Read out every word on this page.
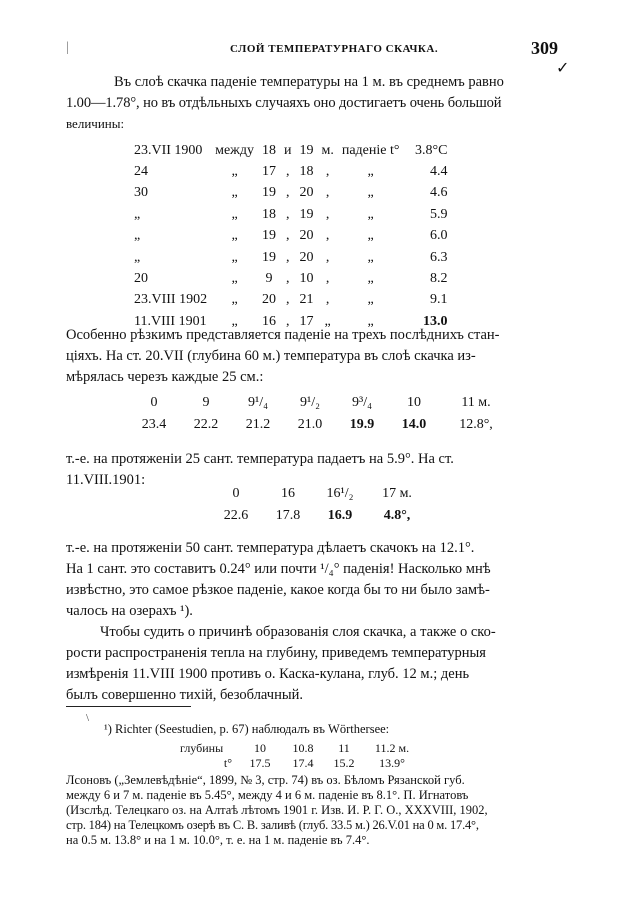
|	СЛОЙ ТЕМПЕРАТУРНАГО СКАЧКА.	309
✓
Въ слоѣ скачка паденіе температуры на 1 м. въ среднемъ равно
1.00—1.78°, но въ отдѣльныхъ случаяхъ оно достигаетъ очень большой
величины:
23.VII 1900	между	18	и	19	м.	паденіе t°	3.8°C
24	„	17	,	18	,	„	4.4
30	„	19	,	20	,	„	4.6
„	„	18	,	19	,	„	5.9
„	„	19	,	20	,	„	6.0
„	„	19	,	20	,	„	6.3
20	„	9	,	10	,	„	8.2
23.VIII 1902	„	20	,	21	,	„	9.1
11.VIII 1901	„	16	,	17	„	„	13.0
Особенно рѣзкимъ представляется паденіе на трехъ послѣднихъ стан-
ціяхъ. На ст. 20.VII (глубина 60 м.) температура въ слоѣ скачка из-
мѣрялась черезъ каждые 25 см.:
0	9	9¹/₄	9¹/₂	9³/₄	10	11 м.
23.4	22.2	21.2	21.0	19.9	14.0	12.8°,
т.-е. на протяженіи 25 сант. температура падаетъ на 5.9°. На ст.
11.VIII.1901:
0	16	16¹/₂	17 м.
22.6	17.8	16.9	4.8°,
т.-е. на протяженіи 50 сант. температура дѣлаетъ скачокъ на 12.1°.
На 1 сант. это составитъ 0.24° или почти ¹/₄° паденія! Насколько мнѣ
извѣстно, это самое рѣзкое паденіе, какое когда бы то ни было замѣ-
чалось на озерахъ ¹).
Чтобы судить о причинѣ образованія слоя скачка, а также о ско-
рости распространенія тепла на глубину, приведемъ температурныя
измѣренія 11.VIII 1900 противъ о. Каска-кулана, глуб. 12 м.; день
былъ совершенно тихій, безоблачный.
\
¹) Richter (Seestudien, p. 67) наблюдалъ въ Wörthersee:
глубины	10	10.8	11	11.2 м.
t°	17.5	17.4	15.2	13.9°
Лсоновъ („Землевѣдѣніе“, 1899, № 3, стр. 74) въ оз. Бѣломъ Рязанской губ.
между 6 и 7 м. паденіе въ 5.45°, между 4 и 6 м. паденіе въ 8.1°. П. Игнатовъ
(Изслѣд. Телецкаго оз. на Алтаѣ лѣтомъ 1901 г. Изв. И. Р. Г. О., XXXVIII, 1902,
стр. 184) на Телецкомъ озерѣ въ С. В. заливѣ (глуб. 33.5 м.) 26.V.01 на 0 м. 17.4°,
на 0.5 м. 13.8° и на 1 м. 10.0°, т. е. на 1 м. паденіе въ 7.4°.
